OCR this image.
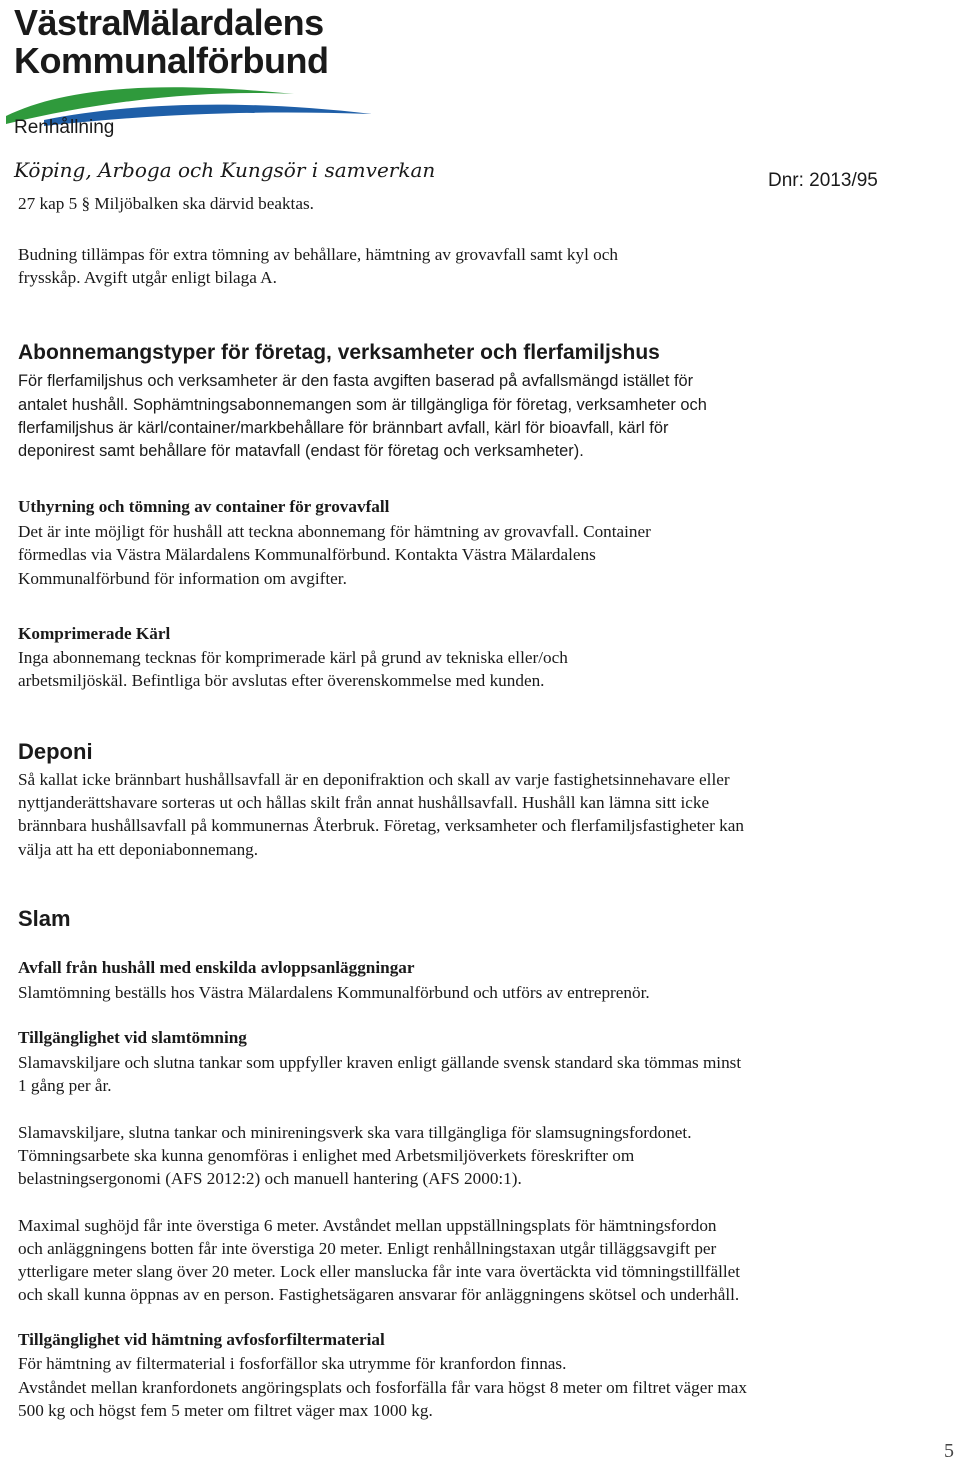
VästraMälardalens
Kommunalförbund
Renhållning
Köping, Arboga och Kungsör i samverkan	Dnr: 2013/95

27 kap 5 § Miljöbalken ska därvid beaktas.

Budning tillämpas för extra tömning av behållare, hämtning av grovavfall samt kyl och

frysskåp. Avgift utgår enligt bilaga A.

Abonnemangstyper för företag, verksamheter och flerfamiljshus

För flerfamiljshus och verksamheter är den fasta avgiften baserad på avfallsmängd istället för

antalet hushåll. Sophämtningsabonnemangen som är tillgängliga för företag, verksamheter och

flerfamiljshus är kärl/container/markbehållare för brännbart avfall, kärl för bioavfall, kärl för

deponirest samt behållare för matavfall (endast för företag och verksamheter).

Uthyrning och tömning av container för grovavfall

Det är inte möjligt för hushåll att teckna abonnemang för hämtning av grovavfall. Container

förmedlas via Västra Mälardalens Kommunalförbund. Kontakta Västra Mälardalens

Kommunalförbund för information om avgifter.

Komprimerade Kärl

Inga abonnemang tecknas för komprimerade kärl på grund av tekniska eller/och

arbetsmiljöskäl. Befintliga bör avslutas efter överenskommelse med kunden.

Deponi

Så kallat icke brännbart hushållsavfall är en deponifraktion och skall av varje fastighetsinnehavare eller

nyttjanderättshavare sorteras ut och hållas skilt från annat hushållsavfall. Hushåll kan lämna sitt icke

brännbara hushållsavfall på kommunernas Återbruk. Företag, verksamheter och flerfamiljsfastigheter kan

välja att ha ett deponiabonnemang.

Slam
Avfall från hushåll med enskilda avloppsanläggningar

Slamtömning beställs hos Västra Mälardalens Kommunalförbund och utförs av entreprenör.

Tillgänglighet vid slamtömning

Slamavskiljare och slutna tankar som uppfyller kraven enligt gällande svensk standard ska tömmas minst

1 gång per år.

Slamavskiljare, slutna tankar och minireningsverk ska vara tillgängliga för slamsugningsfordonet.

Tömningsarbete ska kunna genomföras i enlighet med Arbetsmiljöverkets föreskrifter om

belastningsergonomi (AFS 2012:2) och manuell hantering (AFS 2000:1).

Maximal sughöjd får inte överstiga 6 meter. Avståndet mellan uppställningsplats för hämtningsfordon

och anläggningens botten får inte överstiga 20 meter. Enligt renhållningstaxan utgår tilläggsavgift per

ytterligare meter slang över 20 meter. Lock eller manslucka får inte vara övertäckta vid tömningstillfället

och skall kunna öppnas av en person. Fastighetsägaren ansvarar för anläggningens skötsel och underhåll.

Tillgänglighet vid hämtning avfosforfiltermaterial

För hämtning av filtermaterial i fosforfällor ska utrymme för kranfordon finnas.

Avståndet mellan kranfordonets angöringsplats och fosforfälla får vara högst 8 meter om filtret väger max

500 kg och högst fem 5 meter om filtret väger max 1000 kg.

5
